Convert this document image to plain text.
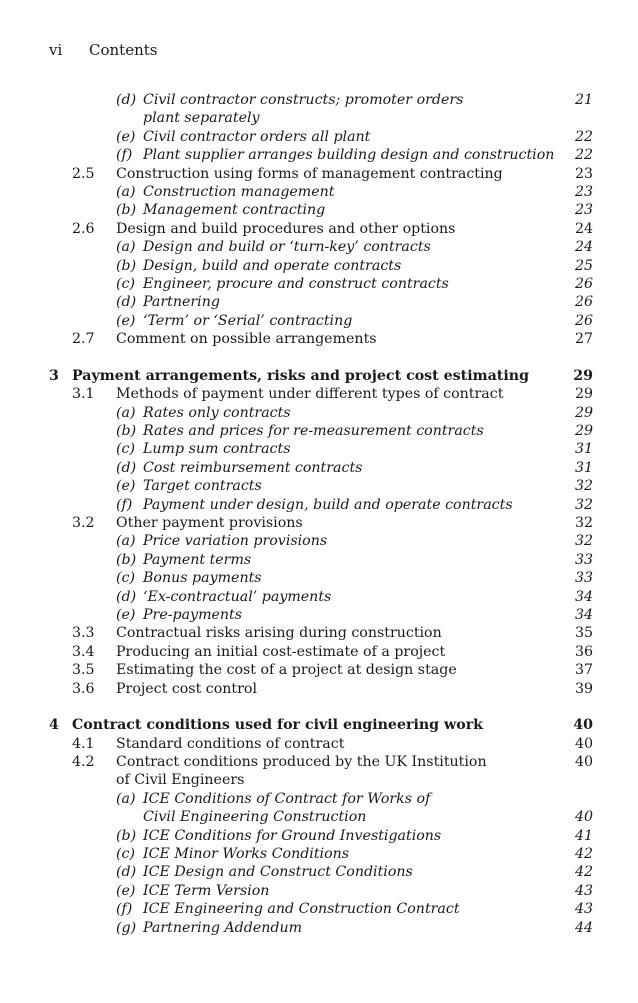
vi Contents
(d) Civil contractor constructs; promoter orders	21
plant separately
(e) Civil contractor orders all plant	22
(f) Plant supplier arranges building design and construction 22
2.5 Construction using forms of management contracting	23
(a) Construction management	23
(b) Management contracting	23
2.6 Design and build procedures and other options	24
(a) Design and build or ‘turn-key’ contracts	24
(b) Design, build and operate contracts	25
(c) Engineer, procure and construct contracts	26
(d) Partnering	26
(e) ‘Term’ or ‘Serial’ contracting	26
2.7 Comment on possible arrangements	27
3 Payment arrangements, risks and project cost estimating	29
3.1 Methods of payment under different types of contract	29
(a) Rates only contracts	29
(b) Rates and prices for re-measurement contracts	29
(c) Lump sum contracts	31
(d) Cost reimbursement contracts	31
(e) Target contracts	32
(f) Payment under design, build and operate contracts	32
3.2 Other payment provisions	32
(a) Price variation provisions	32
(b) Payment terms	33
(c) Bonus payments	33
(d) ‘Ex-contractual’ payments	34
(e) Pre-payments	34
3.3 Contractual risks arising during construction	35
3.4 Producing an initial cost-estimate of a project	36
3.5 Estimating the cost of a project at design stage	37
3.6 Project cost control	39
4 Contract conditions used for civil engineering work	40
4.1 Standard conditions of contract	40
4.2 Contract conditions produced by the UK Institution	40
of Civil Engineers
(a) ICE Conditions of Contract for Works of
Civil Engineering Construction	40
(b) ICE Conditions for Ground Investigations	41
(c) ICE Minor Works Conditions	42
(d) ICE Design and Construct Conditions	42
(e) ICE Term Version	43
(f) ICE Engineering and Construction Contract	43
(g) Partnering Addendum	44
